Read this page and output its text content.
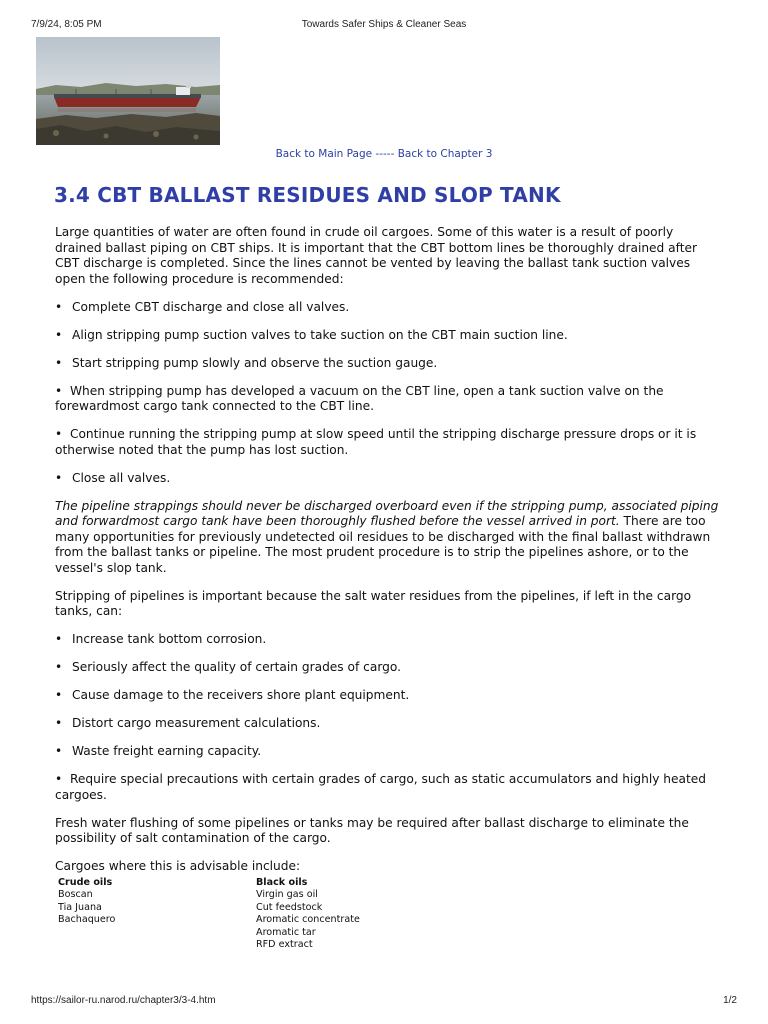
7/9/24, 8:05 PM	Towards Safer Ships & Cleaner Seas
Back to Main Page ----- Back to Chapter 3
3.4 CBT BALLAST RESIDUES AND SLOP TANK

Large quantities of water are often found in crude oil cargoes. Some of this water is a result of poorly drained ballast piping on CBT ships. It is important that the CBT bottom lines be thoroughly drained after CBT discharge is completed. Since the lines cannot be vented by leaving the ballast tank suction valves open the following procedure is recommended:

• Complete CBT discharge and close all valves.
• Align stripping pump suction valves to take suction on the CBT main suction line.
• Start stripping pump slowly and observe the suction gauge.
•  When stripping pump has developed a vacuum on the CBT line, open a tank suction valve on the forewardmost cargo tank connected to the CBT line.
•  Continue running the stripping pump at slow speed until the stripping discharge pressure drops or it is otherwise noted that the pump has lost suction.
• Close all valves.

The pipeline strappings should never be discharged overboard even if the stripping pump, associated piping and forwardmost cargo tank have been thoroughly flushed before the vessel arrived in port. There are too many opportunities for previously undetected oil residues to be discharged with the final ballast withdrawn from the ballast tanks or pipeline. The most prudent procedure is to strip the pipelines ashore, or to the vessel's slop tank.

Stripping of pipelines is important because the salt water residues from the pipelines, if left in the cargo tanks, can:

• Increase tank bottom corrosion.
• Seriously affect the quality of certain grades of cargo.
• Cause damage to the receivers shore plant equipment.
• Distort cargo measurement calculations.
• Waste freight earning capacity.
•  Require special precautions with certain grades of cargo, such as static accumulators and highly heated cargoes.

Fresh water flushing of some pipelines or tanks may be required after ballast discharge to eliminate the possibility of salt contamination of the cargo.

Cargoes where this is advisable include:

Crude oils
Boscan
Tia Juana
Bachaquero
Black oils
Virgin gas oil
Cut feedstock
Aromatic concentrate
Aromatic tar
RFD extract
https://sailor-ru.narod.ru/chapter3/3-4.htm	1/2
